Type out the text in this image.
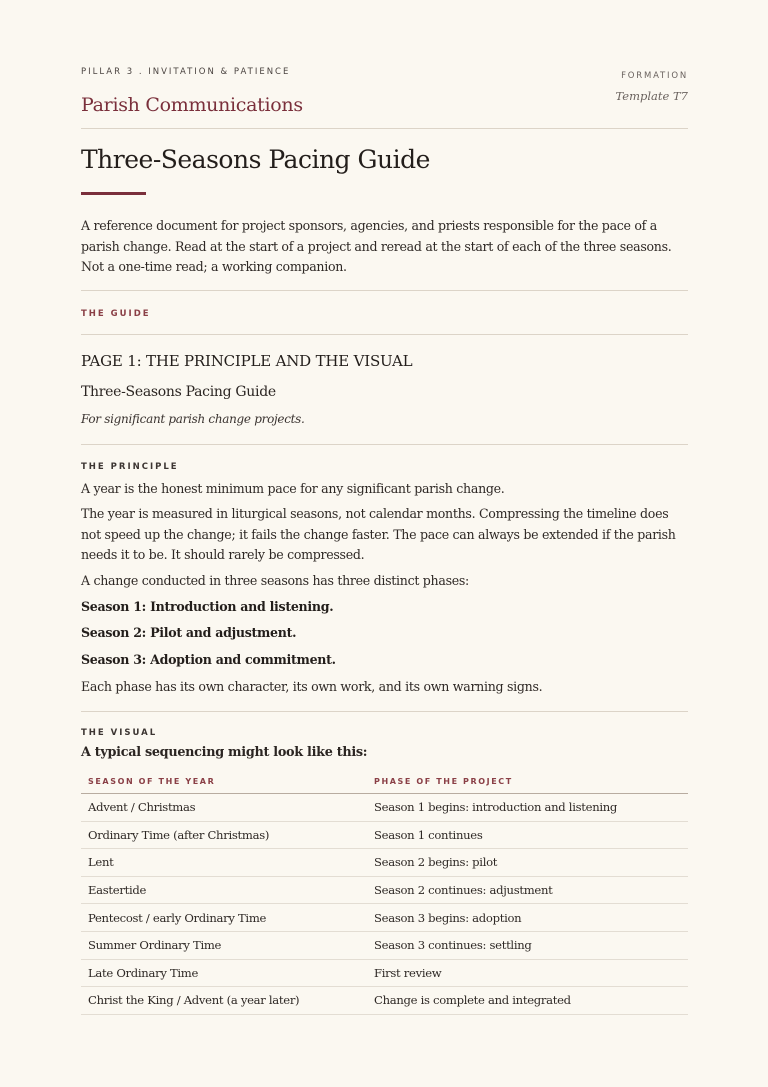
PILLAR 3 . INVITATION & PATIENCE
Parish Communications
FORMATION
Template T7
Three-Seasons Pacing Guide

A reference document for project sponsors, agencies, and priests responsible for the pace of a parish change. Read at the start of a project and reread at the start of each of the three seasons. Not a one-time read; a working companion.

THE GUIDE
PAGE 1: THE PRINCIPLE AND THE VISUAL
Three-Seasons Pacing Guide
For significant parish change projects.
THE PRINCIPLE

A year is the honest minimum pace for any significant parish change.

The year is measured in liturgical seasons, not calendar months. Compressing the timeline does not speed up the change; it fails the change faster. The pace can always be extended if the parish needs it to be. It should rarely be compressed.

A change conducted in three seasons has three distinct phases:

Season 1: Introduction and listening.

Season 2: Pilot and adjustment.

Season 3: Adoption and commitment.

Each phase has its own character, its own work, and its own warning signs.

THE VISUAL
A typical sequencing might look like this:
SEASON OF THE YEAR	PHASE OF THE PROJECT
Advent / Christmas	Season 1 begins: introduction and listening
Ordinary Time (after Christmas)	Season 1 continues
Lent	Season 2 begins: pilot
Eastertide	Season 2 continues: adjustment
Pentecost / early Ordinary Time	Season 3 begins: adoption
Summer Ordinary Time	Season 3 continues: settling
Late Ordinary Time	First review
Christ the King / Advent (a year later)	Change is complete and integrated
